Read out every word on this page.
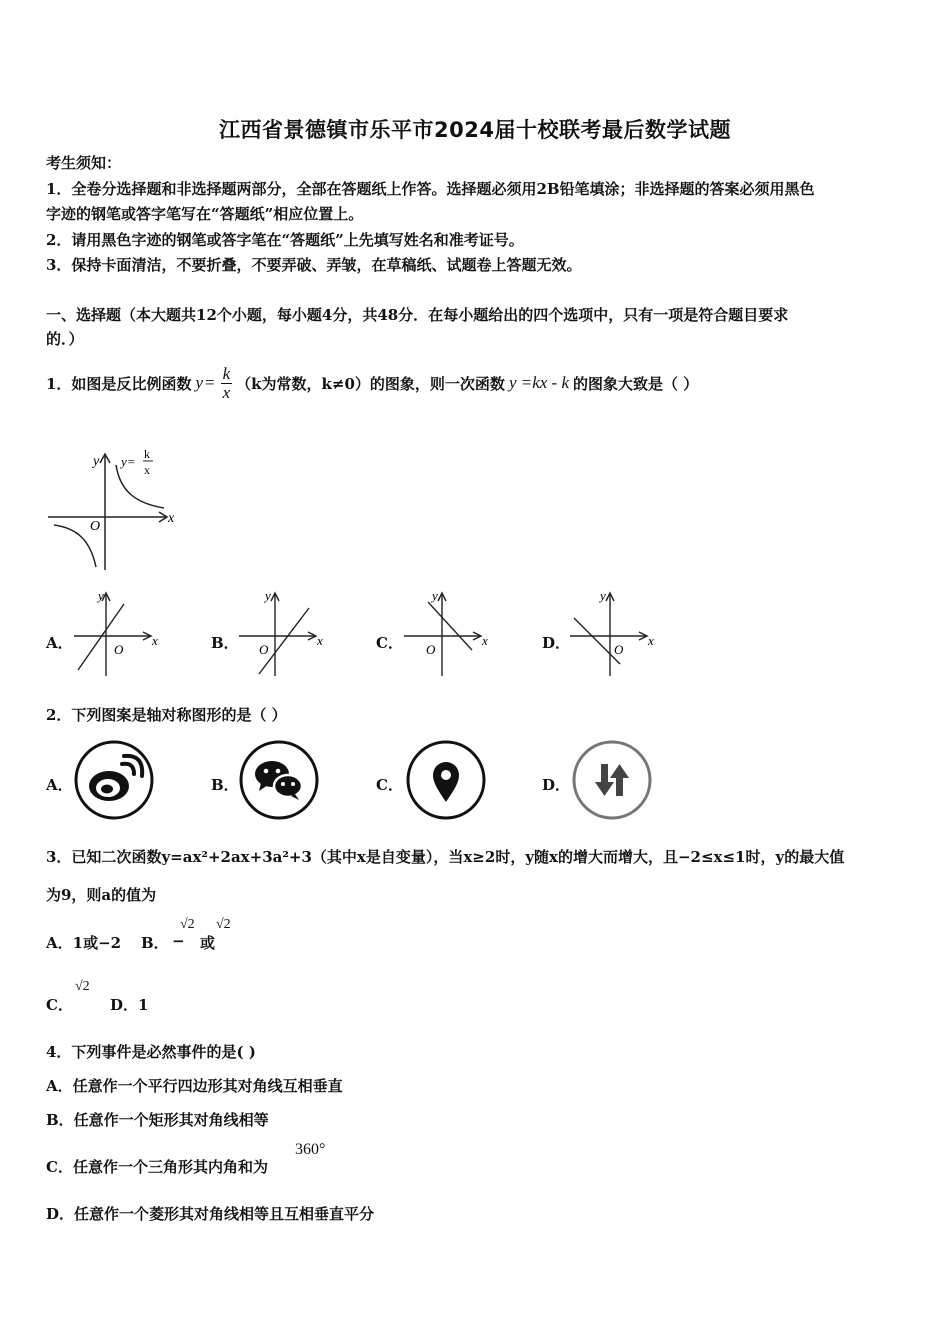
江西省景德镇市乐平市2024届十校联考最后数学试题
考生须知：
1．全卷分选择题和非选择题两部分，全部在答题纸上作答。选择题必须用2B铅笔填涂；非选择题的答案必须用黑色
字迹的钢笔或答字笔写在“答题纸”相应位置上。
2．请用黑色字迹的钢笔或答字笔在“答题纸”上先填写姓名和准考证号。
3．保持卡面清洁，不要折叠，不要弄破、弄皱，在草稿纸、试题卷上答题无效。
一、选择题（本大题共12个小题，每小题4分，共48分．在每小题给出的四个选项中，只有一项是符合题目要求
的．）
1．如图是反比例函数 $y = \frac{k}{x} (k$为常数，k≠0）的图象，则一次函数 y =kx - k 的图象大致是（ ）
y
x
O
y= k
x
A．
y
x
O	B．
y
x
O	C．
y
x
O	D．
y
x
O
2．下列图案是轴对称图形的是（ ）
A．	B．	C．	D．
3．已知二次函数y=ax²+2ax+3a²+3（其中x是自变量），当x≥2时，y随x的增大而增大，且−2≤x≤1时，y的最大值
为9，则a的值为
A．1或−2 B． −
√2
或
√2
C．
√2
D．1
4．下列事件是必然事件的是( )
A．任意作一个平行四边形其对角线互相垂直
B．任意作一个矩形其对角线相等
C．任意作一个三角形其内角和为
360°
D．任意作一个菱形其对角线相等且互相垂直平分
